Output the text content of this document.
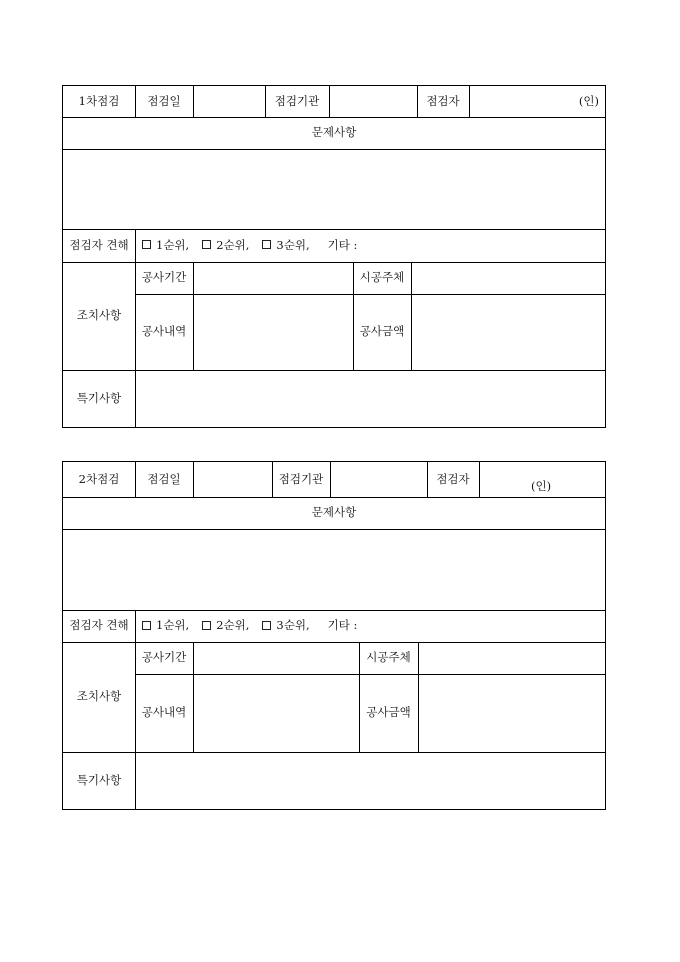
1차점검	점검일	점검기관	점검자	(인)
문제사항
점검자 견해	1순위, 2순위, 3순위, 기타 :
조치사항
공사기간	시공주체
공사내역	공사금액
특기사항
2차점검	점검일	점검기관	점검자	(인)
문제사항
점검자 견해	1순위, 2순위, 3순위, 기타 :
조치사항
공사기간	시공주체
공사내역	공사금액
특기사항
